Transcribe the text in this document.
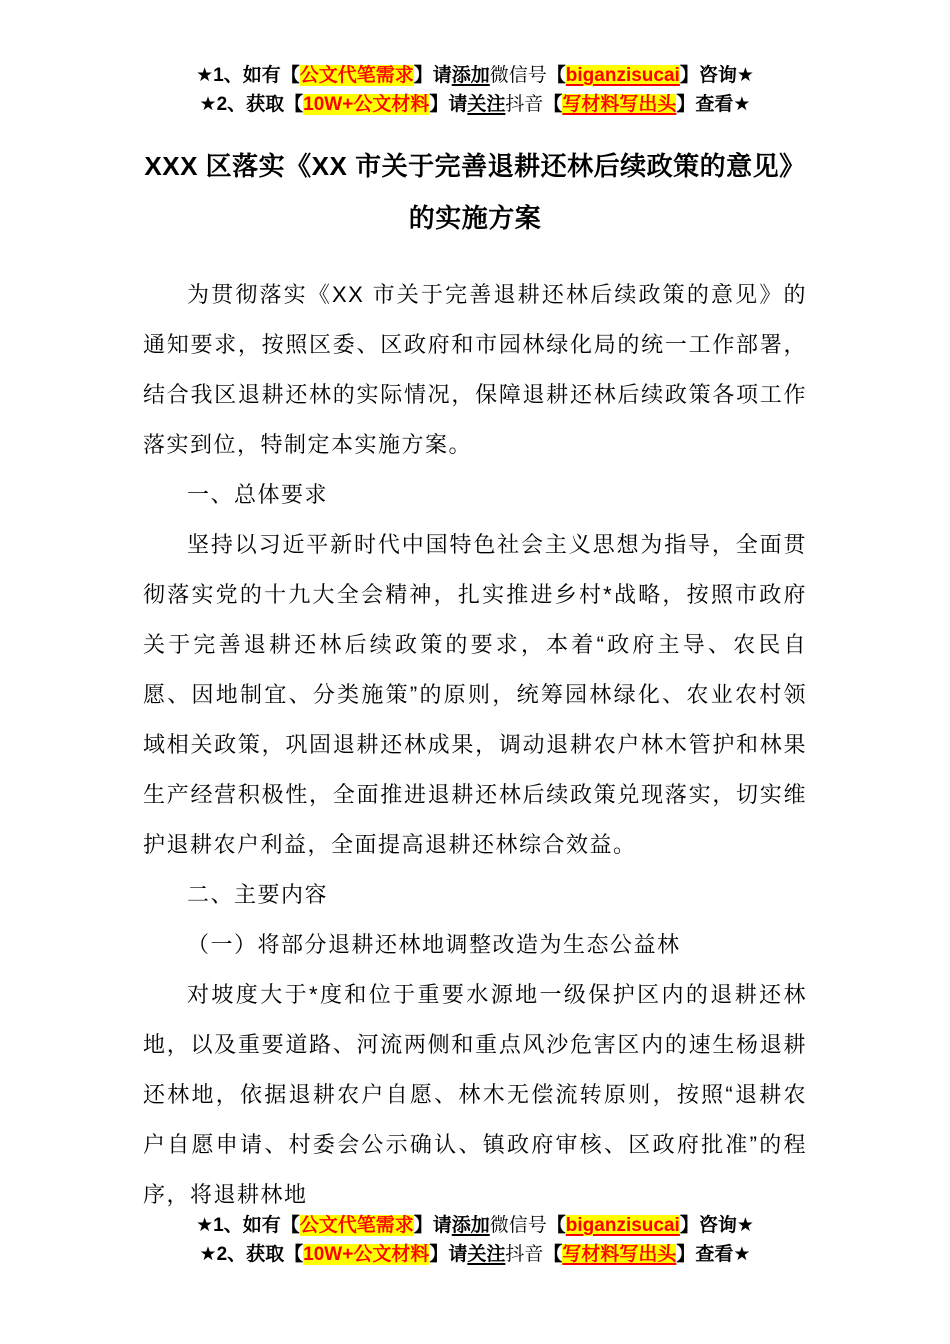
★1、如有【公文代笔需求】请添加微信号【biganzisucai】咨询★
★2、获取【10W+公文材料】请关注抖音【写材料写出头】查看★
XXX 区落实《XX 市关于完善退耕还林后续政策的意见》
的实施方案

为贯彻落实《XX 市关于完善退耕还林后续政策的意见》的通知要求，按照区委、区政府和市园林绿化局的统一工作部署，结合我区退耕还林的实际情况，保障退耕还林后续政策各项工作落实到位，特制定本实施方案。

一、总体要求

坚持以习近平新时代中国特色社会主义思想为指导，全面贯彻落实党的十九大全会精神，扎实推进乡村*战略，按照市政府关于完善退耕还林后续政策的要求，本着“政府主导、农民自愿、因地制宜、分类施策”的原则，统筹园林绿化、农业农村领域相关政策，巩固退耕还林成果，调动退耕农户林木管护和林果生产经营积极性，全面推进退耕还林后续政策兑现落实，切实维护退耕农户利益，全面提高退耕还林综合效益。

二、主要内容

（一）将部分退耕还林地调整改造为生态公益林

对坡度大于*度和位于重要水源地一级保护区内的退耕还林地，以及重要道路、河流两侧和重点风沙危害区内的速生杨退耕还林地，依据退耕农户自愿、林木无偿流转原则，按照“退耕农户自愿申请、村委会公示确认、镇政府审核、区政府批准”的程序，将退耕林地

★1、如有【公文代笔需求】请添加微信号【biganzisucai】咨询★
★2、获取【10W+公文材料】请关注抖音【写材料写出头】查看★
